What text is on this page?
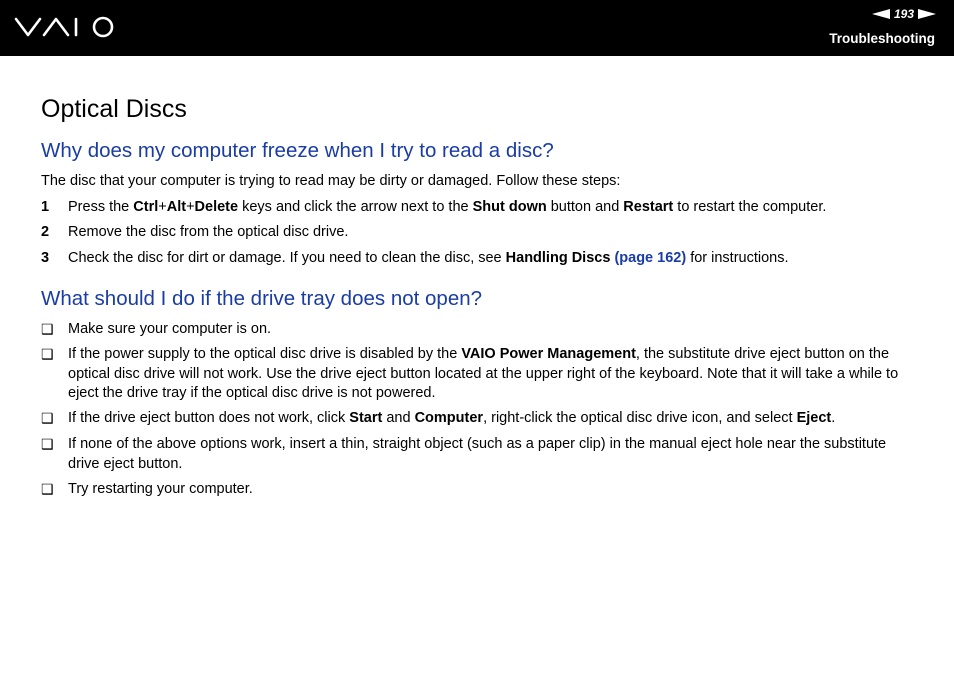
193
Troubleshooting
Optical Discs
Why does my computer freeze when I try to read a disc?

The disc that your computer is trying to read may be dirty or damaged. Follow these steps:

1	Press the Ctrl+Alt+Delete keys and click the arrow next to the Shut down button and Restart to restart the computer.
2	Remove the disc from the optical disc drive.
3	Check the disc for dirt or damage. If you need to clean the disc, see Handling Discs (page 162) for instructions.
What should I do if the drive tray does not open?
❑ Make sure your computer is on.
❑ If the power supply to the optical disc drive is disabled by the VAIO Power Management, the substitute drive eject button on the optical disc drive will not work. Use the drive eject button located at the upper right of the keyboard. Note that it will take a while to eject the drive tray if the optical disc drive is not powered.
❑ If the drive eject button does not work, click Start and Computer, right-click the optical disc drive icon, and select Eject.
❑ If none of the above options work, insert a thin, straight object (such as a paper clip) in the manual eject hole near the substitute drive eject button.
❑ Try restarting your computer.
